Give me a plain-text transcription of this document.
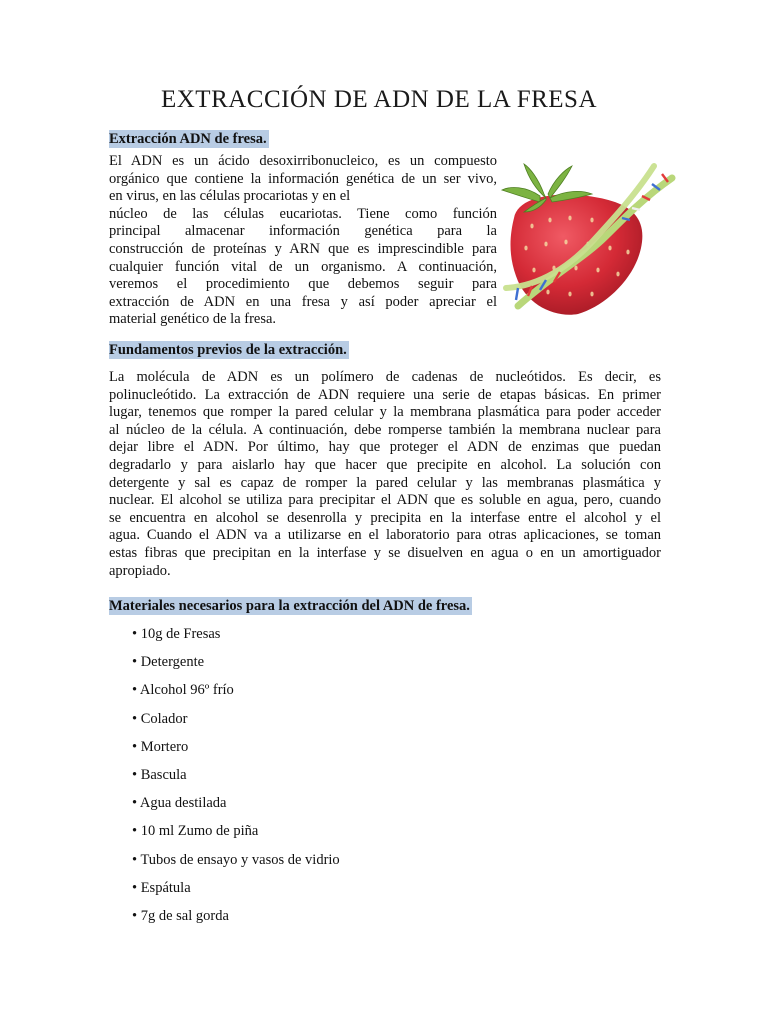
EXTRACCIÓN DE ADN DE LA FRESA
Extracción ADN de fresa.

El ADN es un ácido desoxirribonucleico, es un compuesto
orgánico que contiene la información genética de un ser vivo,
en virus, en las células procariotas y en el
núcleo de las células eucariotas. Tiene como función
principal almacenar información genética para la
construcción de proteínas y ARN que es imprescindible para
cualquier función vital de un organismo. A continuación,
veremos el procedimiento que debemos seguir para
extracción de ADN en una fresa y así poder apreciar el
material genético de la fresa.

Fundamentos previos de la extracción.

La molécula de ADN es un polímero de cadenas de nucleótidos. Es decir, es
polinucleótido. La extracción de ADN requiere una serie de etapas básicas. En primer
lugar, tenemos que romper la pared celular y la membrana plasmática para poder acceder
al núcleo de la célula. A continuación, debe romperse también la membrana nuclear para
dejar libre el ADN. Por último, hay que proteger el ADN de enzimas que puedan
degradarlo y para aislarlo hay que hacer que precipite en alcohol. La solución con
detergente y sal es capaz de romper la pared celular y las membranas plasmática y
nuclear. El alcohol se utiliza para precipitar el ADN que es soluble en agua, pero, cuando
se encuentra en alcohol se desenrolla y precipita en la interfase entre el alcohol y el
agua. Cuando el ADN va a utilizarse en el laboratorio para otras aplicaciones, se toman
estas fibras que precipitan en la interfase y se disuelven en agua o en un amortiguador
apropiado.

Materiales necesarios para la extracción del ADN de fresa.
• 10g de Fresas
• Detergente
• Alcohol 96º frío
• Colador
• Mortero
• Bascula
• Agua destilada
• 10 ml Zumo de piña
• Tubos de ensayo y vasos de vidrio
• Espátula
• 7g de sal gorda
